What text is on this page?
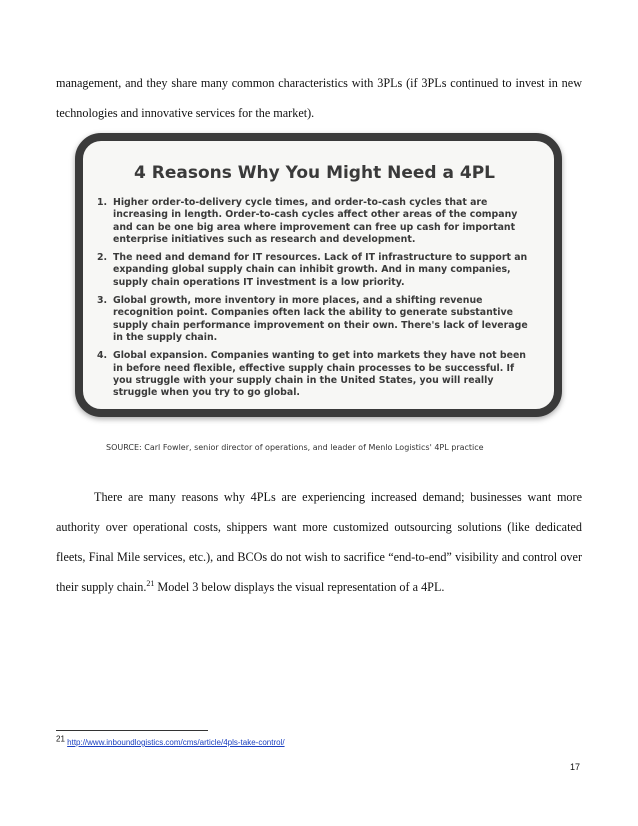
management, and they share many common characteristics with 3PLs (if 3PLs continued to invest in new technologies and innovative services for the market).

4 Reasons Why You Might Need a 4PL
1. Higher order-to-delivery cycle times, and order-to-cash cycles that are increasing in length. Order-to-cash cycles affect other areas of the company and can be one big area where improvement can free up cash for important enterprise initiatives such as research and development.
2. The need and demand for IT resources. Lack of IT infrastructure to support an expanding global supply chain can inhibit growth. And in many companies, supply chain operations IT investment is a low priority.
3. Global growth, more inventory in more places, and a shifting revenue recognition point. Companies often lack the ability to generate substantive supply chain performance improvement on their own. There's lack of leverage in the supply chain.
4. Global expansion. Companies wanting to get into markets they have not been in before need flexible, effective supply chain processes to be successful. If you struggle with your supply chain in the United States, you will really struggle when you try to go global.
SOURCE: Carl Fowler, senior director of operations, and leader of Menlo Logistics' 4PL practice

There are many reasons why 4PLs are experiencing increased demand; businesses want more authority over operational costs, shippers want more customized outsourcing solutions (like dedicated fleets, Final Mile services, etc.), and BCOs do not wish to sacrifice “end-to-end” visibility and control over their supply chain.$^{21}$ Model 3 below displays the visual representation of a 4PL.

$^{21}$ http://www.inboundlogistics.com/cms/article/4pls-take-control/
17
